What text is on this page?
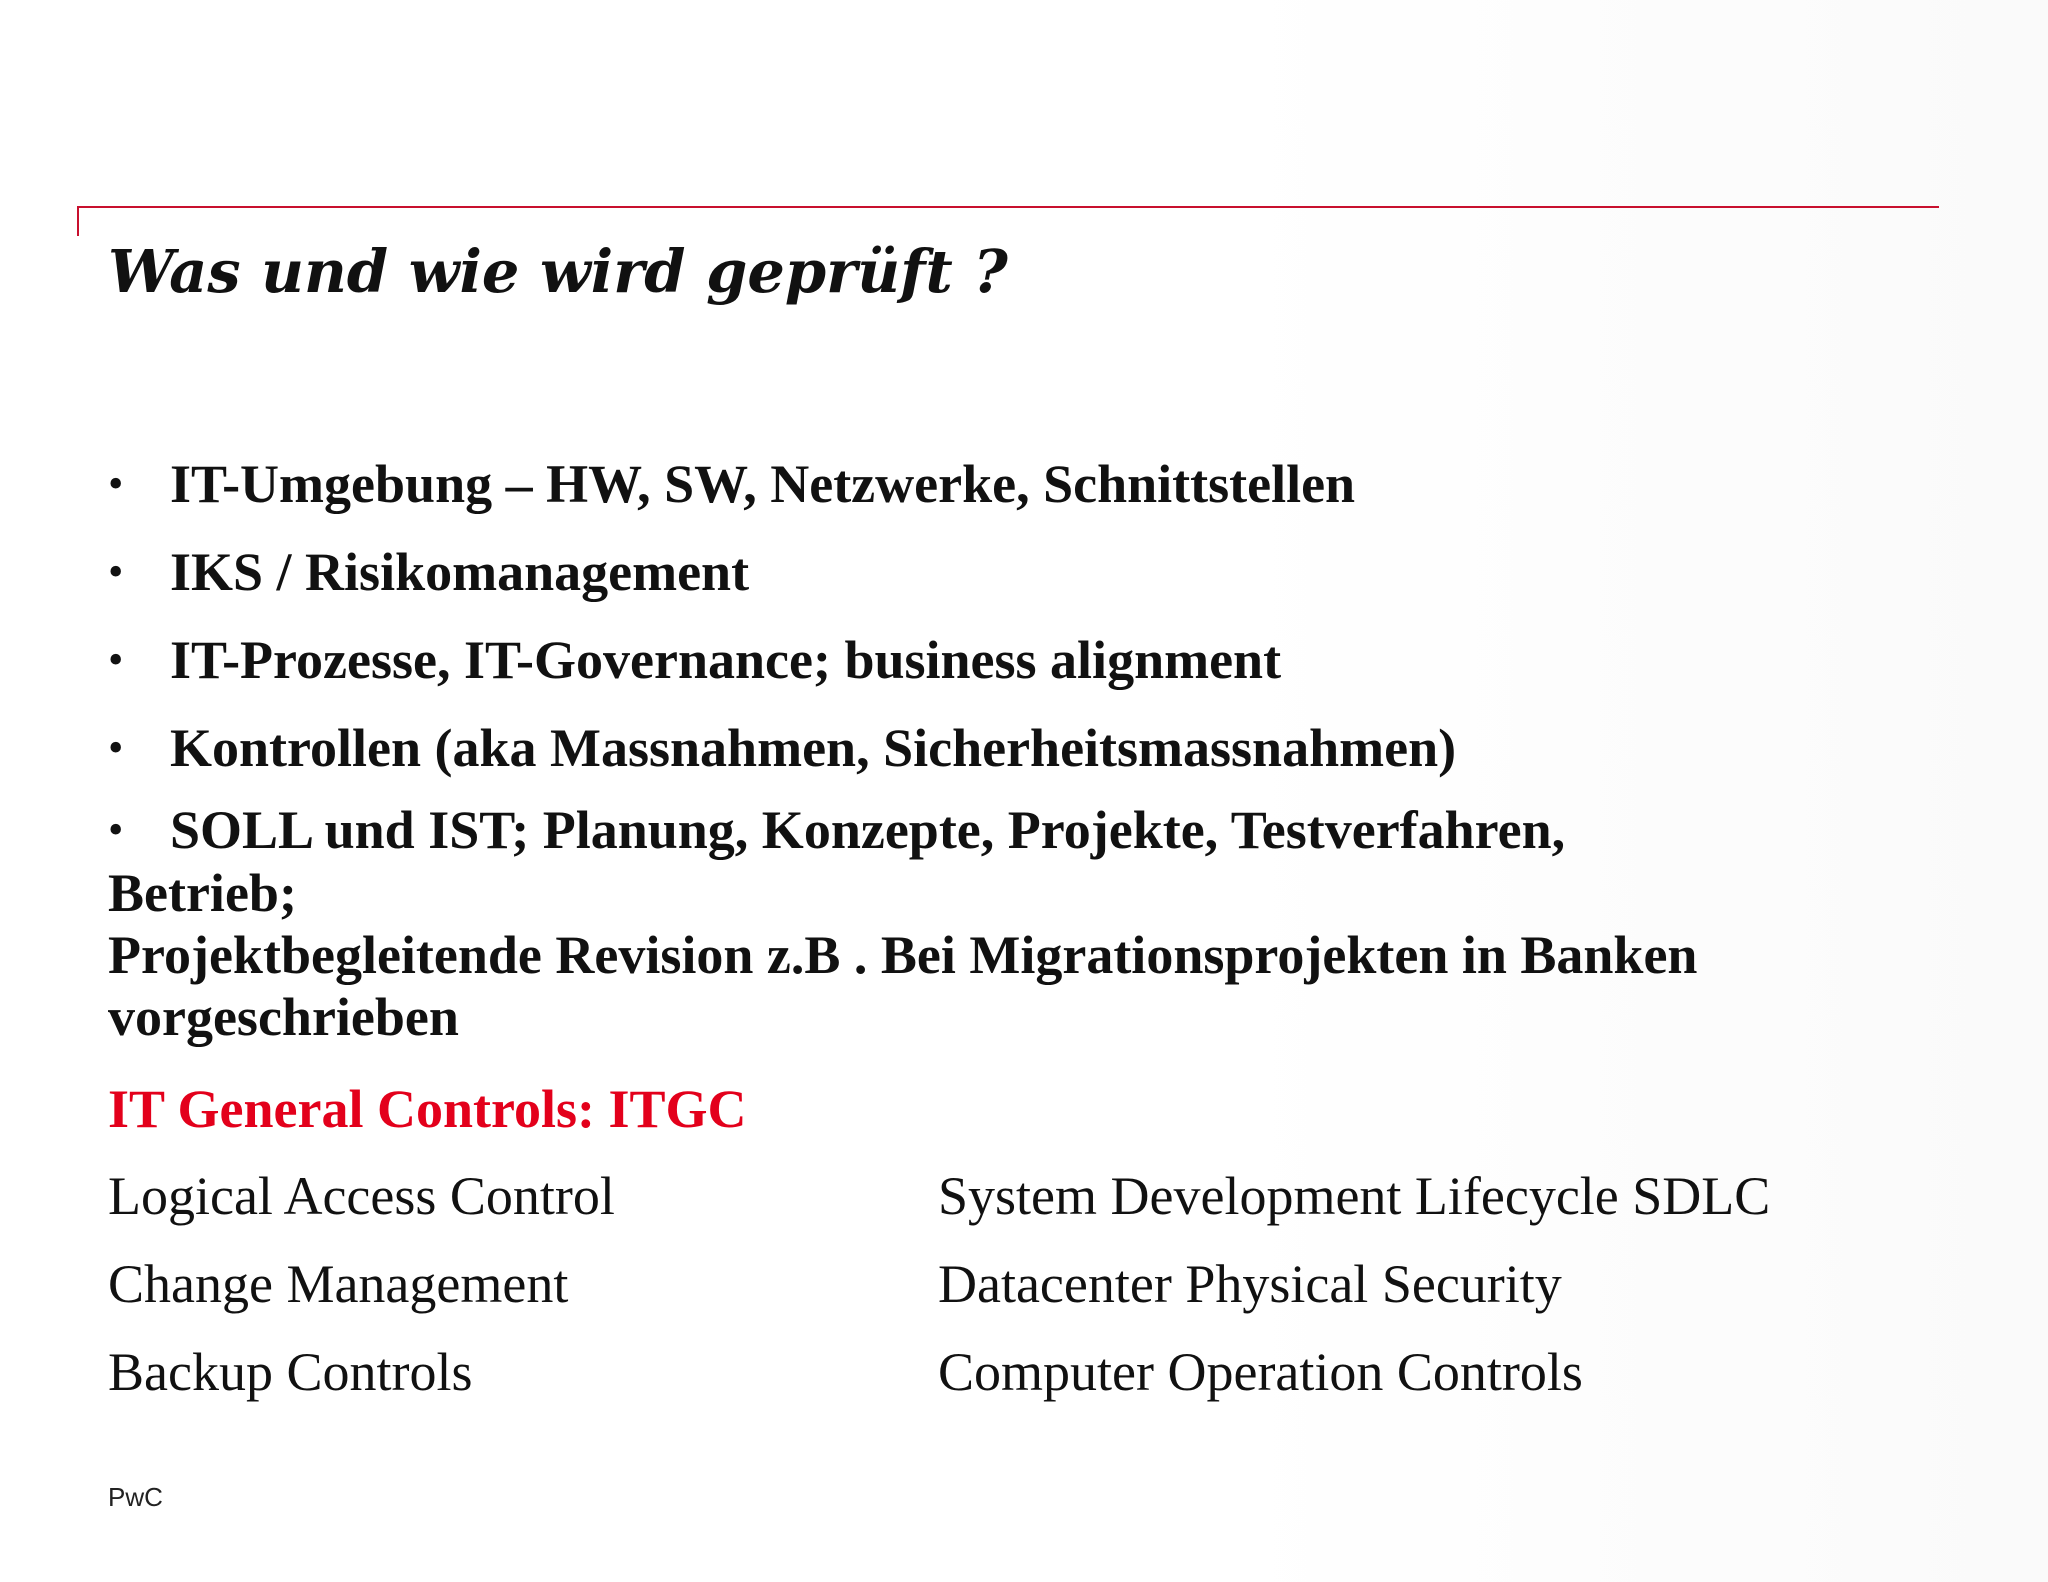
Was und wie wird geprüft ?
• IT-Umgebung – HW, SW, Netzwerke, Schnittstellen
• IKS / Risikomanagement
• IT-Prozesse, IT-Governance; business alignment
• Kontrollen (aka Massnahmen, Sicherheitsmassnahmen)
• SOLL und IST; Planung, Konzepte, Projekte, Testverfahren,
Betrieb;
Projektbegleitende Revision z.B . Bei Migrationsprojekten in Banken vorgeschrieben
IT General Controls: ITGC
Logical Access Control	System Development Lifecycle SDLC
Change Management	Datacenter Physical Security
Backup Controls	Computer Operation Controls
PwC
